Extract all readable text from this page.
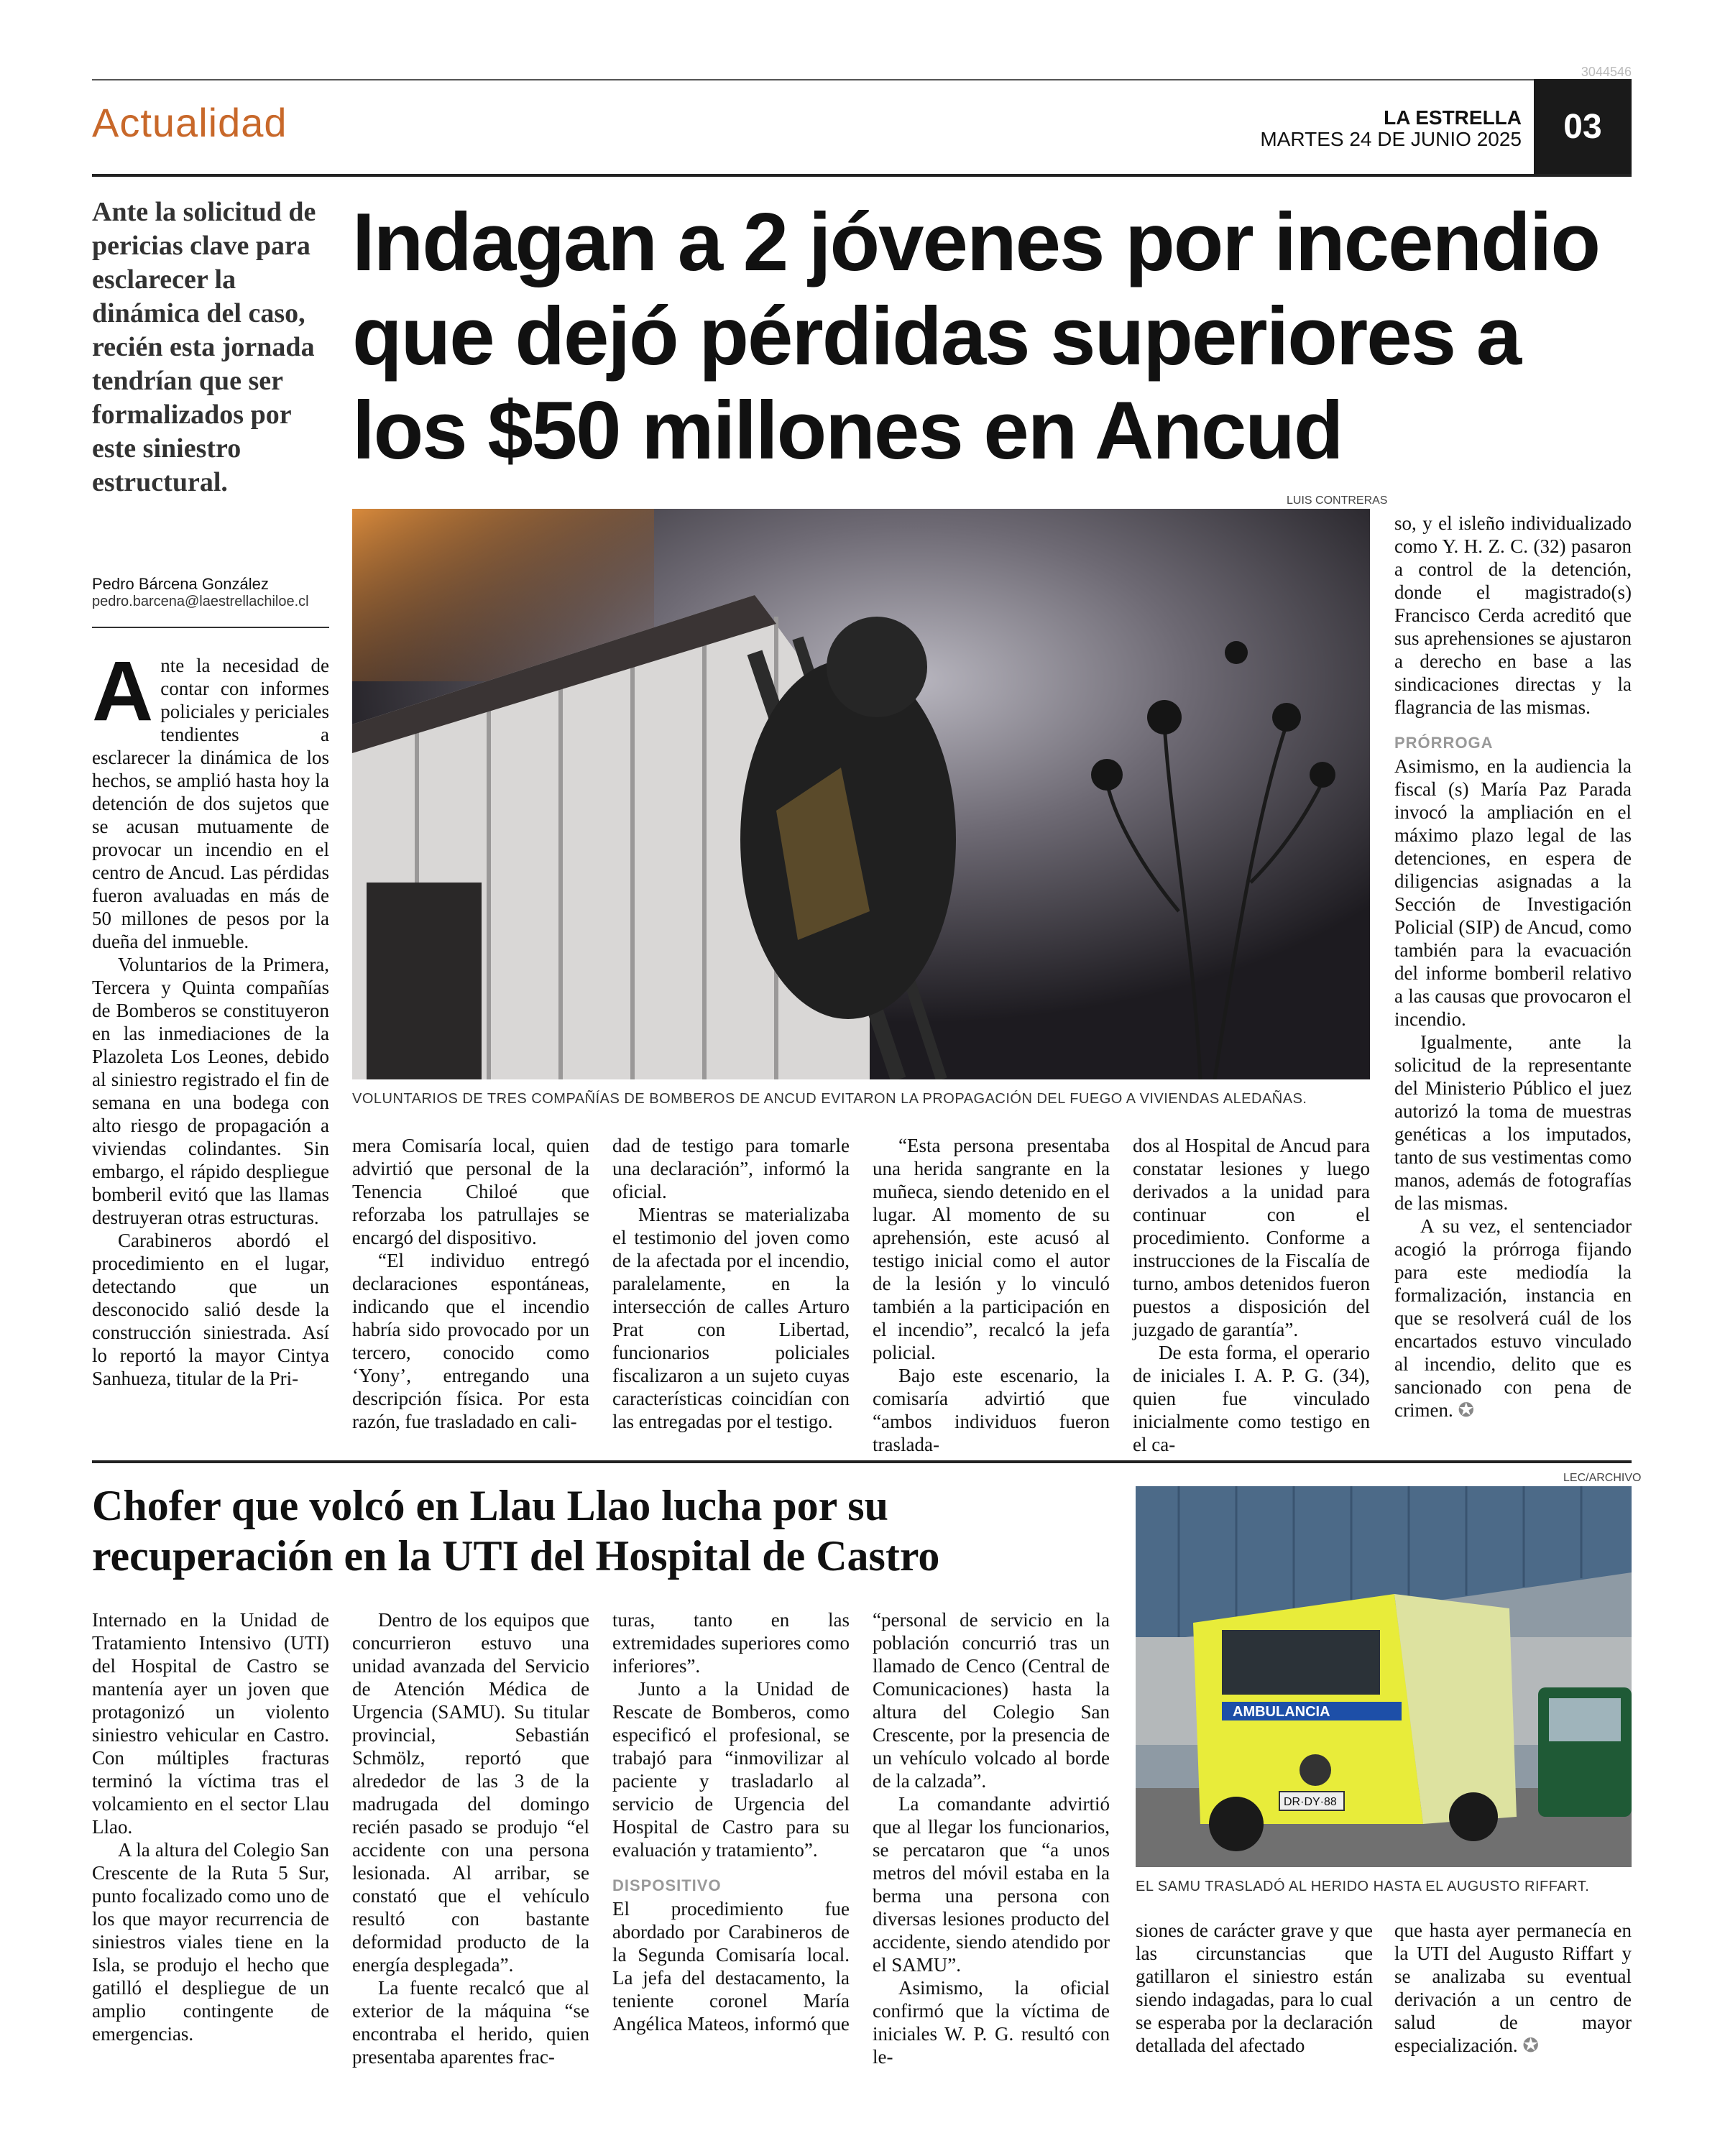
3044546
Actualidad	LA ESTRELLA
MARTES 24 DE JUNIO 2025	03
Ante la solicitud de pericias clave para esclarecer la dinámica del caso, recién esta jornada tendrían que ser formalizados por este siniestro estructural.
Pedro Bárcena González
pedro.barcena@laestrellachiloe.cl
Indagan a 2 jóvenes por incendio que dejó pérdidas superiores a los $50 millones en Ancud
LUIS CONTRERAS
VOLUNTARIOS DE TRES COMPAÑÍAS DE BOMBEROS DE ANCUD EVITARON LA PROPAGACIÓN DEL FUEGO A VIVIENDAS ALEDAÑAS.

Ante la necesidad de contar con informes policiales y periciales tendientes a esclarecer la dinámica de los hechos, se amplió hasta hoy la detención de dos sujetos que se acusan mutuamente de provocar un incendio en el centro de Ancud. Las pérdidas fueron avaluadas en más de 50 millones de pesos por la dueña del inmueble.

Voluntarios de la Primera, Tercera y Quinta compañías de Bomberos se constituyeron en las inmediaciones de la Plazoleta Los Leones, debido al siniestro registrado el fin de semana en una bodega con alto riesgo de propagación a viviendas colindantes. Sin embargo, el rápido despliegue bomberil evitó que las llamas destruyeran otras estructuras.

Carabineros abordó el procedimiento en el lugar, detectando que un desconocido salió desde la construcción siniestrada. Así lo reportó la mayor Cintya Sanhueza, titular de la Pri-

mera Comisaría local, quien advirtió que personal de la Tenencia Chiloé que reforzaba los patrullajes se encargó del dispositivo.

“El individuo entregó declaraciones espontáneas, indicando que el incendio habría sido provocado por un tercero, conocido como ‘Yony’, entregando una descripción física. Por esta razón, fue trasladado en cali-

dad de testigo para tomarle una declaración”, informó la oficial.

Mientras se materializaba el testimonio del joven como de la afectada por el incendio, paralelamente, en la intersección de calles Arturo Prat con Libertad, funcionarios policiales fiscalizaron a un sujeto cuyas características coincidían con las entregadas por el testigo.

“Esta persona presentaba una herida sangrante en la muñeca, siendo detenido en el lugar. Al momento de su aprehensión, este acusó al testigo inicial como el autor de la lesión y lo vinculó también a la participación en el incendio”, recalcó la jefa policial.

Bajo este escenario, la comisaría advirtió que “ambos individuos fueron traslada-

dos al Hospital de Ancud para constatar lesiones y luego derivados a la unidad para continuar con el procedimiento. Conforme a instrucciones de la Fiscalía de turno, ambos detenidos fueron puestos a disposición del juzgado de garantía”.

De esta forma, el operario de iniciales I. A. P. G. (34), quien fue vinculado inicialmente como testigo en el ca-

so, y el isleño individualizado como Y. H. Z. C. (32) pasaron a control de la detención, donde el magistrado(s) Francisco Cerda acreditó que sus aprehensiones se ajustaron a derecho en base a las sindicaciones directas y la flagrancia de las mismas.

PRÓRROGA

Asimismo, en la audiencia la fiscal (s) María Paz Parada invocó la ampliación en el máximo plazo legal de las detenciones, en espera de diligencias asignadas a la Sección de Investigación Policial (SIP) de Ancud, como también para la evacuación del informe bomberil relativo a las causas que provocaron el incendio.

Igualmente, ante la solicitud de la representante del Ministerio Público el juez autorizó la toma de muestras genéticas a los imputados, tanto de sus vestimentas como manos, además de fotografías de las mismas.

A su vez, el sentenciador acogió la prórroga fijando para este mediodía la formalización, instancia en que se resolverá cuál de los encartados estuvo vinculado al incendio, delito que es sancionado con pena de crimen. ✪

Chofer que volcó en Llau Llao lucha por su recuperación en la UTI del Hospital de Castro
LEC/ARCHIVO
AMBULANCIA
DR·DY·88
EL SAMU TRASLADÓ AL HERIDO HASTA EL AUGUSTO RIFFART.

Internado en la Unidad de Tratamiento Intensivo (UTI) del Hospital de Castro se mantenía ayer un joven que protagonizó un violento siniestro vehicular en Castro. Con múltiples fracturas terminó la víctima tras el volcamiento en el sector Llau Llao.

A la altura del Colegio San Crescente de la Ruta 5 Sur, punto focalizado como uno de los que mayor recurrencia de siniestros viales tiene en la Isla, se produjo el hecho que gatilló el despliegue de un amplio contingente de emergencias.

Dentro de los equipos que concurrieron estuvo una unidad avanzada del Servicio de Atención Médica de Urgencia (SAMU). Su titular provincial, Sebastián Schmölz, reportó que alrededor de las 3 de la madrugada del domingo recién pasado se produjo “el accidente con una persona lesionada. Al arribar, se constató que el vehículo resultó con bastante deformidad producto de la energía desplegada”.

La fuente recalcó que al exterior de la máquina “se encontraba el herido, quien presentaba aparentes frac-

turas, tanto en las extremidades superiores como inferiores”.

Junto a la Unidad de Rescate de Bomberos, como especificó el profesional, se trabajó para “inmovilizar al paciente y trasladarlo al servicio de Urgencia del Hospital de Castro para su evaluación y tratamiento”.

DISPOSITIVO

El procedimiento fue abordado por Carabineros de la Segunda Comisaría local. La jefa del destacamento, la teniente coronel María Angélica Mateos, informó que

“personal de servicio en la población concurrió tras un llamado de Cenco (Central de Comunicaciones) hasta la altura del Colegio San Crescente, por la presencia de un vehículo volcado al borde de la calzada”.

La comandante advirtió que al llegar los funcionarios, se percataron que “a unos metros del móvil estaba en la berma una persona con diversas lesiones producto del accidente, siendo atendido por el SAMU”.

Asimismo, la oficial confirmó que la víctima de iniciales W. P. G. resultó con le-

siones de carácter grave y que las circunstancias que gatillaron el siniestro están siendo indagadas, para lo cual se esperaba por la declaración detallada del afectado

que hasta ayer permanecía en la UTI del Augusto Riffart y se analizaba su eventual derivación a un centro de salud de mayor especialización. ✪
